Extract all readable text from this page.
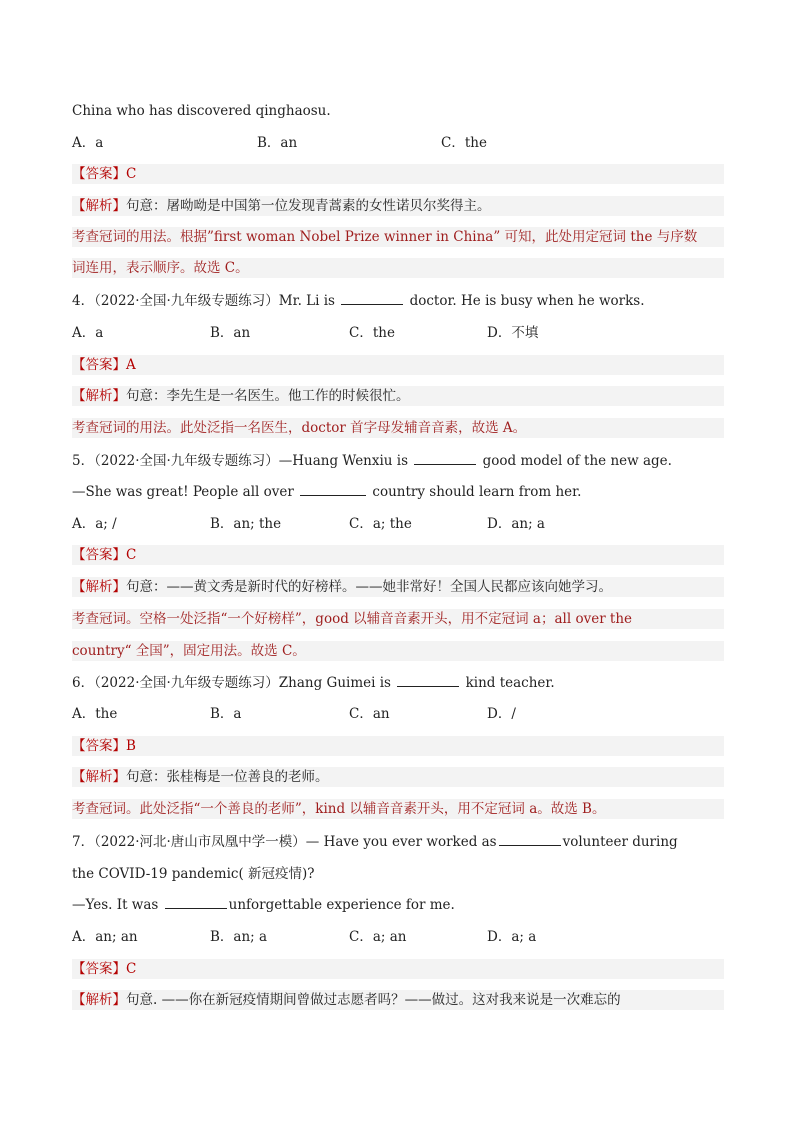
China who has discovered qinghaosu.
A．a	B．an	C．the
【答案】C
【解析】句意：屠呦呦是中国第一位发现青蒿素的女性诺贝尔奖得主。
考查冠词的用法。根据”first woman Nobel Prize winner in China” 可知，此处用定冠词 the 与序数
词连用，表示顺序。故选 C。
4．（2022·全国·九年级专题练习）Mr. Li is	doctor. He is busy when he works.
A．a	B．an	C．the	D．不填
【答案】A
【解析】句意：李先生是一名医生。他工作的时候很忙。
考查冠词的用法。此处泛指一名医生，doctor 首字母发辅音音素，故选 A。
5．（2022·全国·九年级专题练习）—Huang Wenxiu is	good model of the new age.
—She was great! People all over	country should learn from her.
A．a; /	B．an; the	C．a; the	D．an; a
【答案】C
【解析】句意：——黄文秀是新时代的好榜样。——她非常好！全国人民都应该向她学习。
考查冠词。空格一处泛指“一个好榜样”，good 以辅音音素开头，用不定冠词 a；all over the
country“ 全国”，固定用法。故选 C。
6．（2022·全国·九年级专题练习）Zhang Guimei is	kind teacher.
A．the	B．a	C．an	D．/
【答案】B
【解析】句意：张桂梅是一位善良的老师。
考查冠词。此处泛指“一个善良的老师”，kind 以辅音音素开头，用不定冠词 a。故选 B。
7．（2022·河北·唐山市凤凰中学一模）— Have you ever worked as	volunteer during
the COVID-19 pandemic( 新冠疫情)?
—Yes. It was	unforgettable experience for me.
A．an; an	B．an; a	C．a; an	D．a; a
【答案】C
【解析】句意. ——你在新冠疫情期间曾做过志愿者吗？——做过。这对我来说是一次难忘的
